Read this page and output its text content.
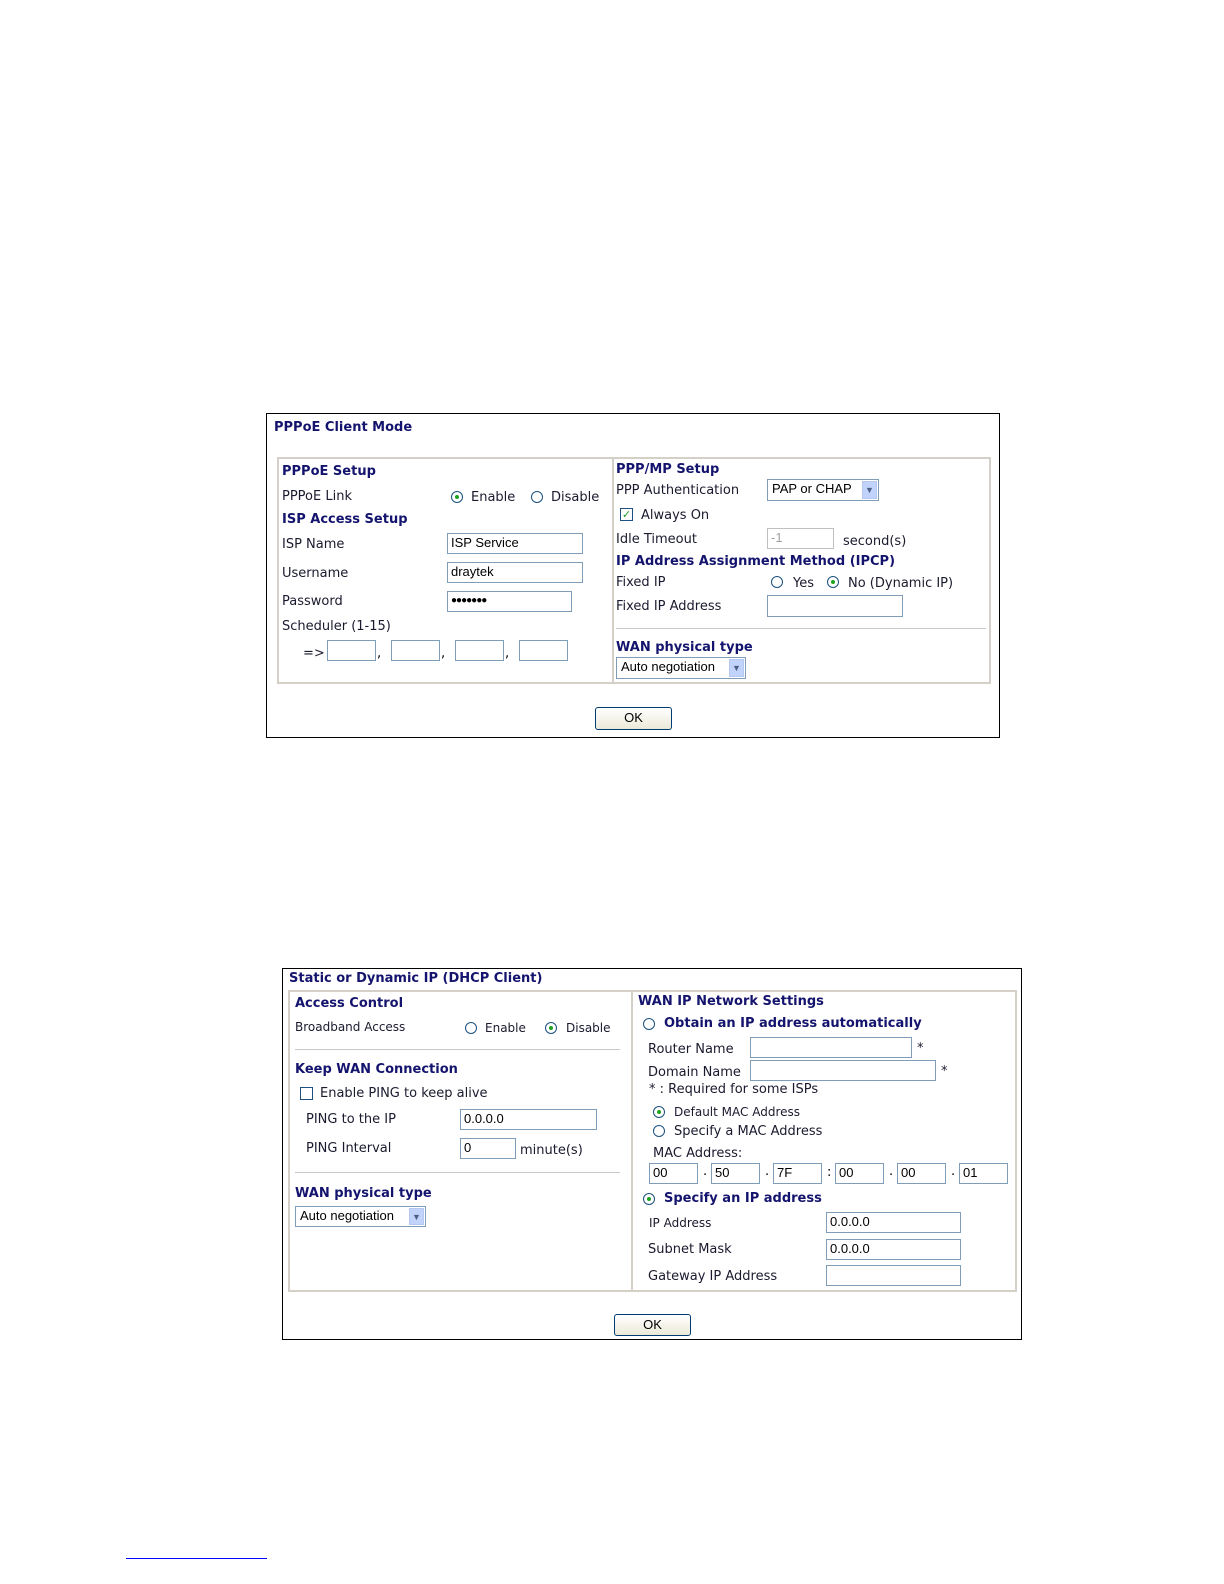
PPPoE Client Mode
PPPoE Setup
PPPoE Link	Enable	Disable
ISP Access Setup
ISP Name	ISP Service
Username	draytek
Password	●●●●●●●
Scheduler (1-15)
=>	,	,	,
PPP/MP Setup
PPP Authentication	PAP or CHAP	▼
✓ Always On
Idle Timeout	-1	second(s)
IP Address Assignment Method (IPCP)
Fixed IP	Yes	No (Dynamic IP)
Fixed IP Address
WAN physical type
Auto negotiation	▼
OK
Static or Dynamic IP (DHCP Client)
Access Control
Broadband Access	Enable	Disable
Keep WAN Connection
Enable PING to keep alive
PING to the IP	0.0.0.0
PING Interval	0	minute(s)
WAN physical type
Auto negotiation	▼
WAN IP Network Settings
Obtain an IP address automatically
Router Name	*
Domain Name	*
* : Required for some ISPs
Default MAC Address
Specify a MAC Address
MAC Address:
00	. 50	. 7F	: 00	. 00	. 01
Specify an IP address
IP Address	0.0.0.0
Subnet Mask	0.0.0.0
Gateway IP Address
OK
